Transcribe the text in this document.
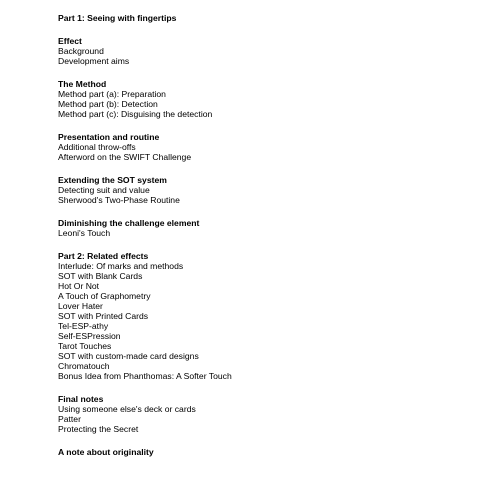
Part 1: Seeing with fingertips
Effect
Background
Development aims
The Method
Method part (a): Preparation
Method part (b): Detection
Method part (c): Disguising the detection
Presentation and routine
Additional throw-offs
Afterword on the SWIFT Challenge
Extending the SOT system
Detecting suit and value
Sherwood's Two-Phase Routine
Diminishing the challenge element
Leoni's Touch
Part 2: Related effects
Interlude: Of marks and methods
SOT with Blank Cards
Hot Or Not
A Touch of Graphometry
Lover Hater
SOT with Printed Cards
Tel-ESP-athy
Self-ESPression
Tarot Touches
SOT with custom-made card designs
Chromatouch
Bonus Idea from Phanthomas: A Softer Touch
Final notes
Using someone else's deck or cards
Patter
Protecting the Secret
A note about originality
